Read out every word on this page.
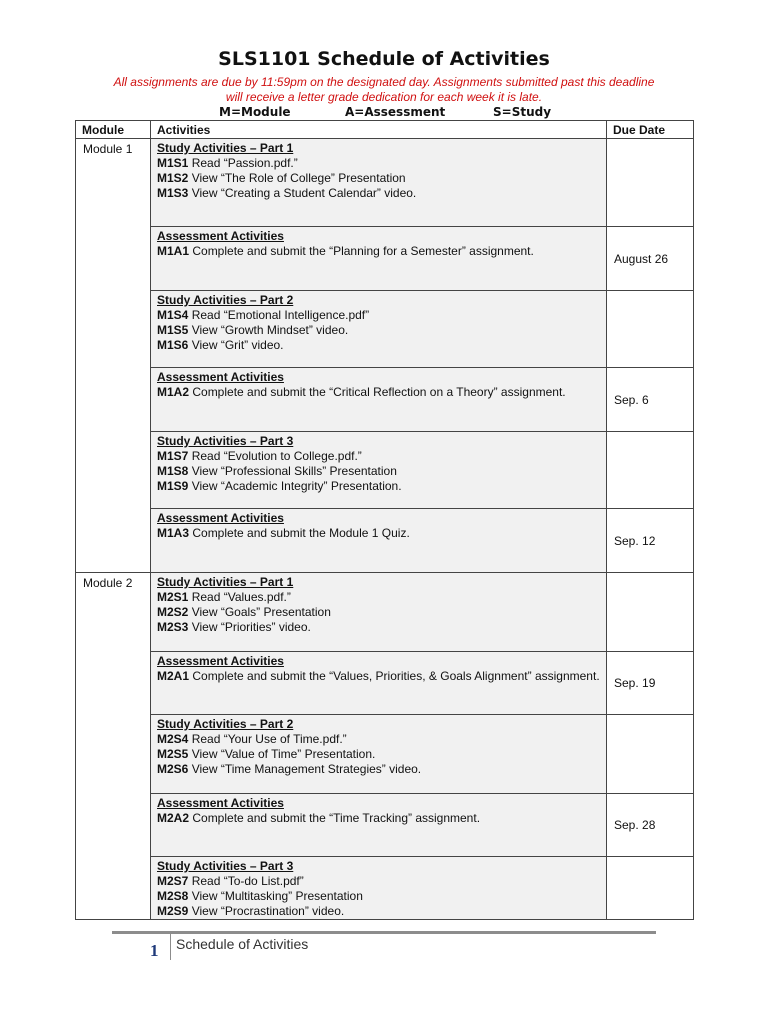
SLS1101 Schedule of Activities
All assignments are due by 11:59pm on the designated day. Assignments submitted past this deadline will receive a letter grade dedication for each week it is late.
M=Module	A=Assessment	S=Study
Module	Activities	Due Date
Module 1	Study Activities – Part 1
M1S1 Read “Passion.pdf.”
M1S2 View “The Role of College” Presentation
M1S3 View “Creating a Student Calendar” video.	

	Assessment Activities
M1A1 Complete and submit the “Planning for a Semester” assignment.	August 26

	Study Activities – Part 2
M1S4 Read “Emotional Intelligence.pdf”
M1S5 View “Growth Mindset” video.
M1S6 View “Grit” video.	

	Assessment Activities
M1A2 Complete and submit the “Critical Reflection on a Theory” assignment.	Sep. 6

	Study Activities – Part 3
M1S7 Read “Evolution to College.pdf.”
M1S8 View “Professional Skills” Presentation
M1S9 View “Academic Integrity” Presentation.	

	Assessment Activities
M1A3 Complete and submit the Module 1 Quiz.	Sep. 12
Module 2	Study Activities – Part 1
M2S1 Read “Values.pdf.”
M2S2 View “Goals” Presentation
M2S3 View “Priorities” video.	

	Assessment Activities
M2A1 Complete and submit the “Values, Priorities, & Goals Alignment” assignment.	Sep. 19

	Study Activities – Part 2
M2S4 Read “Your Use of Time.pdf.”
M2S5 View “Value of Time” Presentation.
M2S6 View “Time Management Strategies” video.	

	Assessment Activities
M2A2 Complete and submit the “Time Tracking” assignment.	Sep. 28

	Study Activities – Part 3
M2S7 Read “To-do List.pdf”
M2S8 View “Multitasking” Presentation
M2S9 View “Procrastination” video.	

1 Schedule of Activities
